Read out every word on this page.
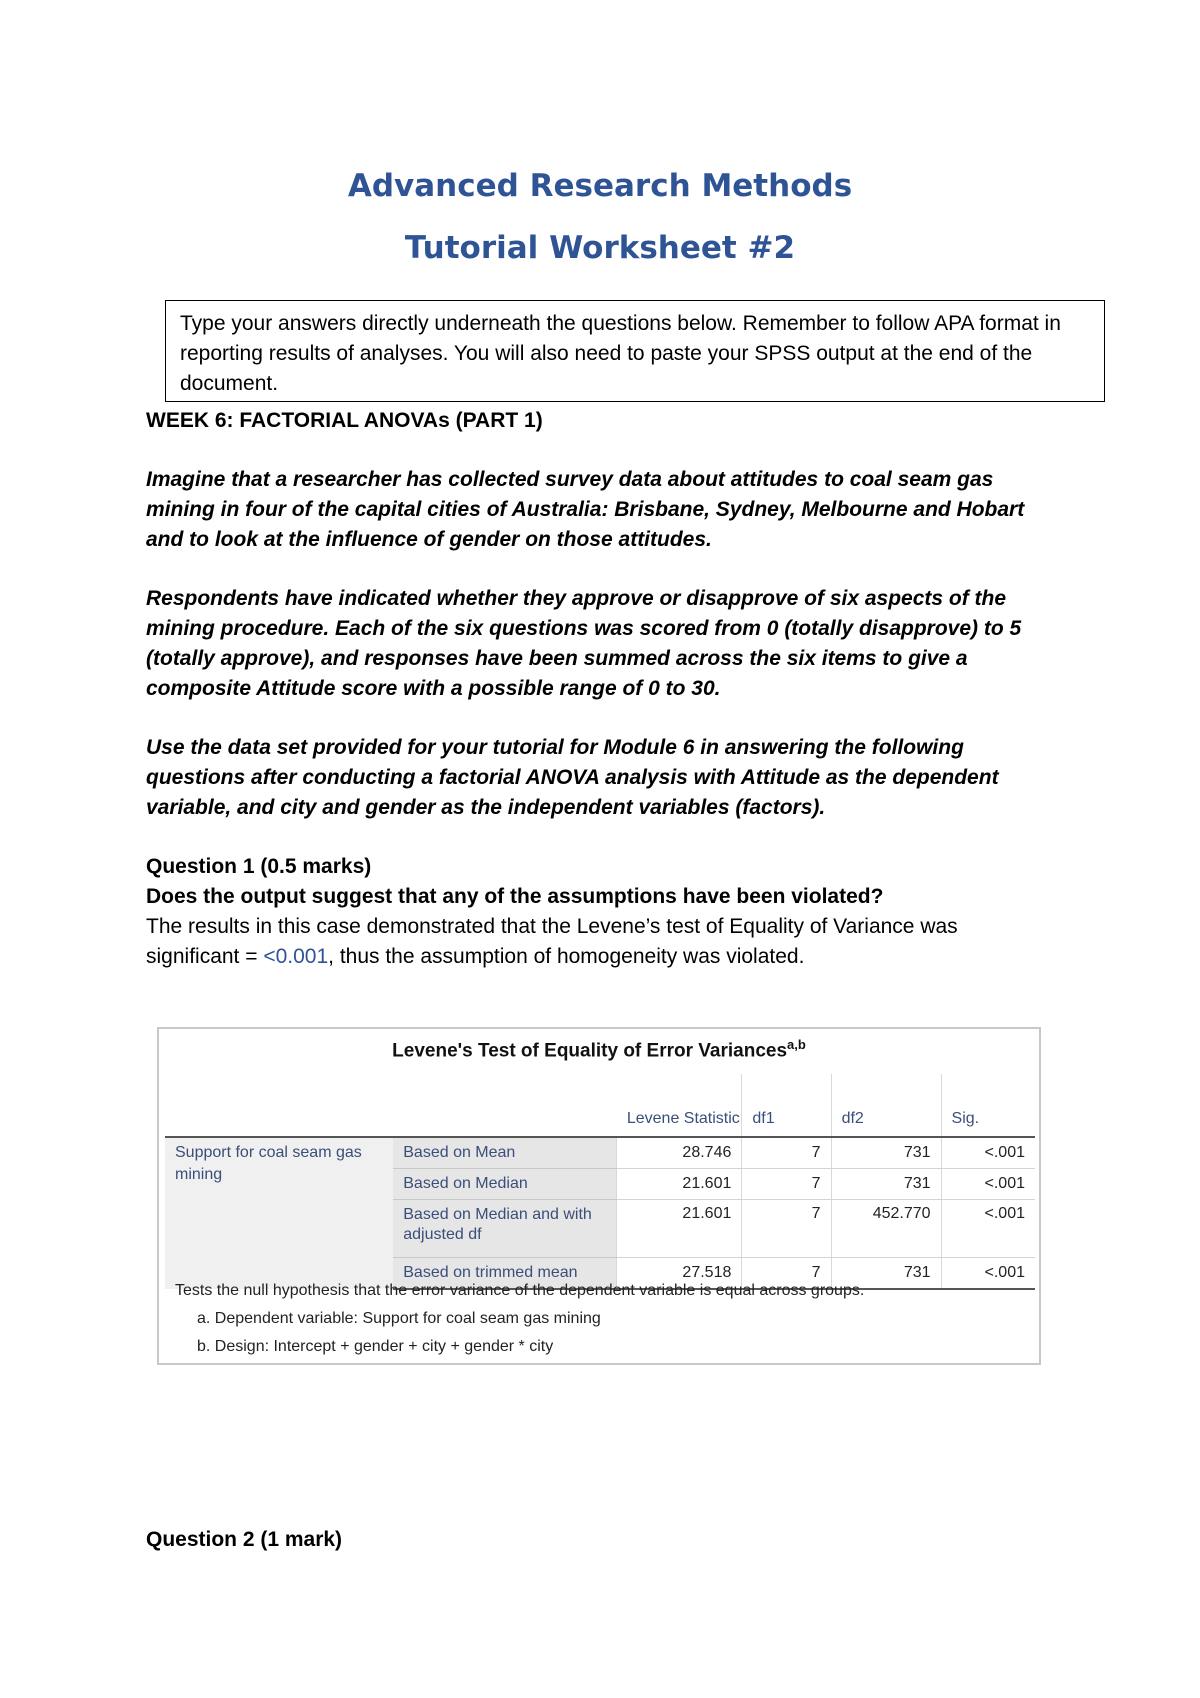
Advanced Research Methods
Tutorial Worksheet #2
Type your answers directly underneath the questions below. Remember to follow APA format in reporting results of analyses. You will also need to paste your SPSS output at the end of the document.

WEEK 6: FACTORIAL ANOVAs (PART 1)

Imagine that a researcher has collected survey data about attitudes to coal seam gas mining in four of the capital cities of Australia: Brisbane, Sydney, Melbourne and Hobart and to look at the influence of gender on those attitudes.

Respondents have indicated whether they approve or disapprove of six aspects of the mining procedure. Each of the six questions was scored from 0 (totally disapprove) to 5 (totally approve), and responses have been summed across the six items to give a composite Attitude score with a possible range of 0 to 30.

Use the data set provided for your tutorial for Module 6 in answering the following questions after conducting a factorial ANOVA analysis with Attitude as the dependent variable, and city and gender as the independent variables (factors).

Question 1 (0.5 marks)

Does the output suggest that any of the assumptions have been violated?

The results in this case demonstrated that the Levene’s test of Equality of Variance was significant = <0.001, thus the assumption of homogeneity was violated.

Levene's Test of Equality of Error Variances$^{a,b}$
		Levene Statistic	df1	df2	Sig.
Support for coal seam gas mining	Based on Mean	28.746	7	731	<.001
	Based on Median	21.601	7	731	<.001
	Based on Median and with adjusted df	21.601	7	452.770	<.001
	Based on trimmed mean	27.518	7	731	<.001
Tests the null hypothesis that the error variance of the dependent variable is equal across groups.
a. Dependent variable: Support for coal seam gas mining
b. Design: Intercept + gender + city + gender * city

Question 2 (1 mark)
